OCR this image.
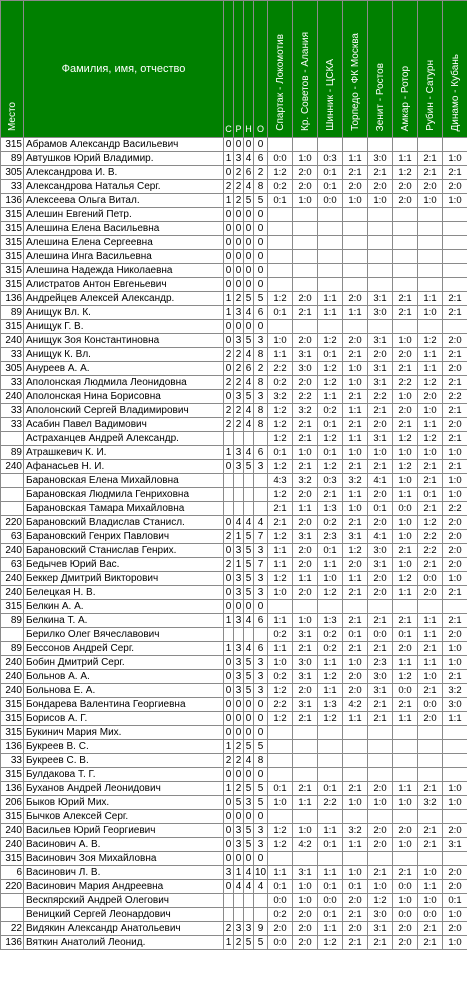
Место	Фамилия, имя, отчество	С	Р	Н	О	Спартак - Локомотив	Кр. Советов - Алания	Шинник - ЦСКА	Торпедо - ФК Москва	Зенит - Ростов	Амкар - Ротор	Рубин - Сатурн	Динамо - Кубань
315	Абрамов Александр Васильевич	0	0	0	0								
89	Автушков Юрий Владимир.	1	3	4	6	0:0	1:0	0:3	1:1	3:0	1:1	2:1	1:0
305	Александрова И. В.	0	2	6	2	1:2	2:0	0:1	2:1	2:1	1:2	2:1	2:1
33	Александрова Наталья Серг.	2	2	4	8	0:2	2:0	0:1	2:0	2:0	2:0	2:0	2:0
136	Алексеева Ольга Витал.	1	2	5	5	0:1	1:0	0:0	1:0	1:0	2:0	1:0	1:0
315	Алешин Евгений Петр.	0	0	0	0								
315	Алешина Елена Васильевна	0	0	0	0								
315	Алешина Елена Сергеевна	0	0	0	0								
315	Алешина Инга Васильевна	0	0	0	0								
315	Алешина Надежда Николаевна	0	0	0	0								
315	Алистратов Антон Евгеньевич	0	0	0	0								
136	Андрейцев Алексей Александр.	1	2	5	5	1:2	2:0	1:1	2:0	3:1	2:1	1:1	2:1
89	Анищук Вл. К.	1	3	4	6	0:1	2:1	1:1	1:1	3:0	2:1	1:0	2:1
315	Анищук Г. В.	0	0	0	0								
240	Анищук Зоя Константиновна	0	3	5	3	1:0	2:0	1:2	2:0	3:1	1:0	1:2	2:0
33	Анищук К. Вл.	2	2	4	8	1:1	3:1	0:1	2:1	2:0	2:0	1:1	2:1
305	Ануреев А. А.	0	2	6	2	2:2	3:0	1:2	1:0	3:1	2:1	1:1	2:0
33	Аполонская Людмила Леонидовна	2	2	4	8	0:2	2:0	1:2	1:0	3:1	2:2	1:2	2:1
240	Аполонская Нина Борисовна	0	3	5	3	3:2	2:2	1:1	2:1	2:2	1:0	2:0	2:2
33	Аполонский Сергей Владимирович	2	2	4	8	1:2	3:2	0:2	1:1	2:1	2:0	1:0	2:1
33	Асабин Павел Вадимович	2	2	4	8	1:2	2:1	0:1	2:1	2:0	2:1	1:1	2:0
	Астраханцев Андрей Александр.					1:2	2:1	1:2	1:1	3:1	1:2	1:2	2:1
89	Атрашкевич К. И.	1	3	4	6	0:1	1:0	0:1	1:0	1:0	1:0	1:0	1:0
240	Афанасьев Н. И.	0	3	5	3	1:2	2:1	1:2	2:1	2:1	1:2	2:1	2:1
	Барановская Елена Михайловна					4:3	3:2	0:3	3:2	4:1	1:0	2:1	1:0
	Барановская Людмила Генриховна					1:2	2:0	2:1	1:1	2:0	1:1	0:1	1:0
	Барановская Тамара Михайловна					2:1	1:1	1:3	1:0	0:1	0:0	2:1	2:2
220	Барановский Владислав Станисл.	0	4	4	4	2:1	2:0	0:2	2:1	2:0	1:0	1:2	2:0
63	Барановский Генрих Павлович	2	1	5	7	1:2	3:1	2:3	3:1	4:1	1:0	2:2	2:0
240	Барановский Станислав Генрих.	0	3	5	3	1:1	2:0	0:1	1:2	3:0	2:1	2:2	2:0
63	Бедычев Юрий Вас.	2	1	5	7	1:1	2:0	1:1	2:0	3:1	1:0	2:1	2:0
240	Беккер Дмитрий Викторович	0	3	5	3	1:2	1:1	1:0	1:1	2:0	1:2	0:0	1:0
240	Белецкая Н. В.	0	3	5	3	1:0	2:0	1:2	2:1	2:0	1:1	2:0	2:1
315	Белкин А. А.	0	0	0	0								
89	Белкина Т. А.	1	3	4	6	1:1	1:0	1:3	2:1	2:1	2:1	1:1	2:1
	Берилко Олег Вячеславович					0:2	3:1	0:2	0:1	0:0	0:1	1:1	2:0
89	Бессонов Андрей Серг.	1	3	4	6	1:1	2:1	0:2	2:1	2:1	2:0	2:1	1:0
240	Бобин Дмитрий Серг.	0	3	5	3	1:0	3:0	1:1	1:0	2:3	1:1	1:1	1:0
240	Больнов А. А.	0	3	5	3	0:2	3:1	1:2	2:0	3:0	1:2	1:0	2:1
240	Больнова Е. А.	0	3	5	3	1:2	2:0	1:1	2:0	3:1	0:0	2:1	3:2
315	Бондарева Валентина Георгиевна	0	0	0	0	2:2	3:1	1:3	4:2	2:1	2:1	0:0	3:0
315	Борисов А. Г.	0	0	0	0	1:2	2:1	1:2	1:1	2:1	1:1	2:0	1:1
315	Букинич Мария Мих.	0	0	0	0								
136	Букреев В. С.	1	2	5	5								
33	Букреев С. В.	2	2	4	8								
315	Булдакова Т. Г.	0	0	0	0								
136	Буханов Андрей Леонидович	1	2	5	5	0:1	2:1	0:1	2:1	2:0	1:1	2:1	1:0
206	Быков Юрий Мих.	0	5	3	5	1:0	1:1	2:2	1:0	1:0	1:0	3:2	1:0
315	Бычков Алексей Серг.	0	0	0	0								
240	Васильев Юрий Георгиевич	0	3	5	3	1:2	1:0	1:1	3:2	2:0	2:0	2:1	2:0
240	Васинович А. В.	0	3	5	3	1:2	4:2	0:1	1:1	2:0	1:0	2:1	3:1
315	Васинович Зоя Михайловна	0	0	0	0								
6	Васинович Л. В.	3	1	4	10	1:1	3:1	1:1	1:0	2:1	2:1	1:0	2:0
220	Васинович Мария Андреевна	0	4	4	4	0:1	1:0	0:1	0:1	1:0	0:0	1:1	2:0
	Вескпярский Андрей Олегович					0:0	1:0	0:0	2:0	1:2	1:0	1:0	0:1
	Веницкий Сергей Леонардович					0:2	2:0	0:1	2:1	3:0	0:0	0:0	1:0
22	Видякин Александр Анатольевич	2	3	3	9	2:0	2:0	1:1	2:0	3:1	2:0	2:1	2:0
136	Вяткин Анатолий Леонид.	1	2	5	5	0:0	2:0	1:2	2:1	2:1	2:0	2:1	1:0
